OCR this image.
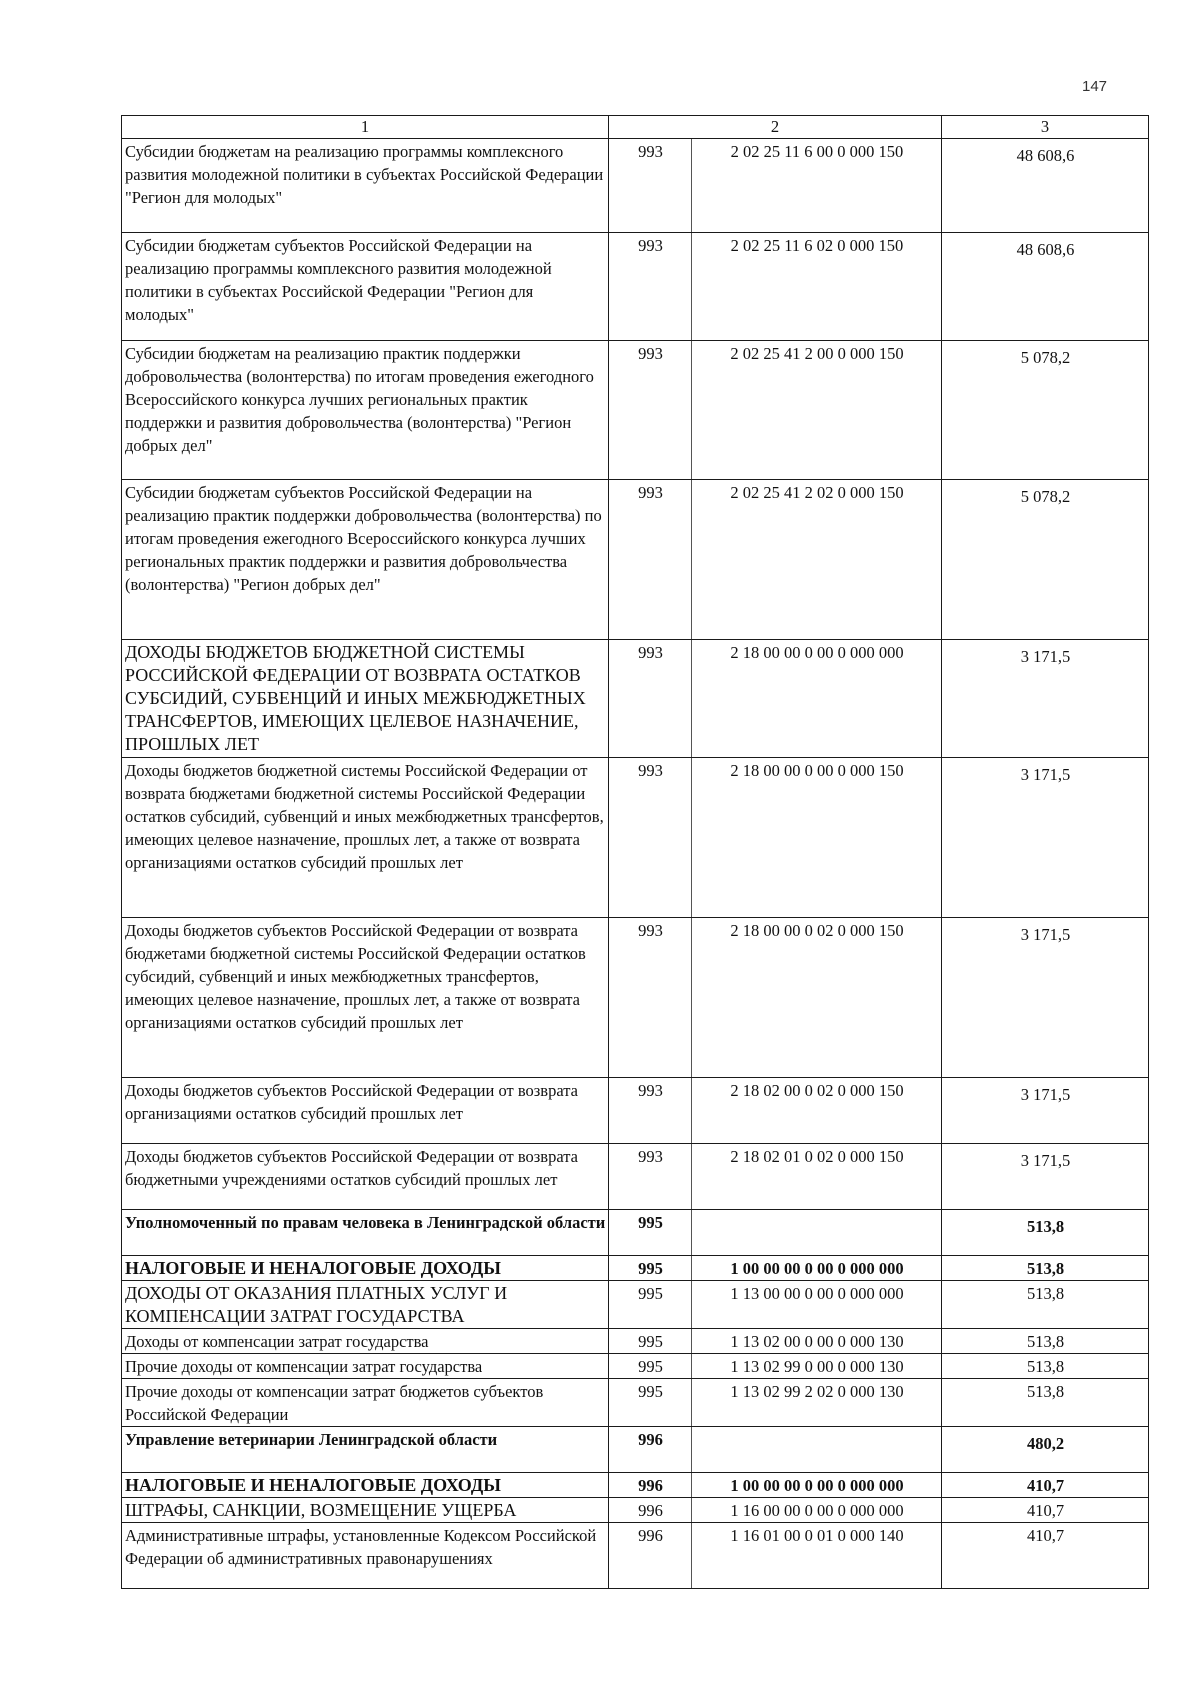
147
1	2		3
Субсидии бюджетам на реализацию программы комплексного развития молодежной политики в субъектах Российской Федерации "Регион для молодых"	993	2 02 25 11 6 00 0 000 150	48 608,6
Субсидии бюджетам субъектов Российской Федерации на реализацию программы комплексного развития молодежной политики в субъектах Российской Федерации "Регион для молодых"	993	2 02 25 11 6 02 0 000 150	48 608,6
Субсидии бюджетам на реализацию практик поддержки добровольчества (волонтерства) по итогам проведения ежегодного Всероссийского конкурса лучших региональных практик поддержки и развития добровольчества (волонтерства) "Регион добрых дел"	993	2 02 25 41 2 00 0 000 150	5 078,2
Субсидии бюджетам субъектов Российской Федерации на реализацию практик поддержки добровольчества (волонтерства) по итогам проведения ежегодного Всероссийского конкурса лучших региональных практик поддержки и развития добровольчества (волонтерства) "Регион добрых дел"	993	2 02 25 41 2 02 0 000 150	5 078,2
ДОХОДЫ БЮДЖЕТОВ БЮДЖЕТНОЙ СИСТЕМЫ РОССИЙСКОЙ ФЕДЕРАЦИИ ОТ ВОЗВРАТА ОСТАТКОВ СУБСИДИЙ, СУБВЕНЦИЙ И ИНЫХ МЕЖБЮДЖЕТНЫХ ТРАНСФЕРТОВ, ИМЕЮЩИХ ЦЕЛЕВОЕ НАЗНАЧЕНИЕ, ПРОШЛЫХ ЛЕТ	993	2 18 00 00 0 00 0 000 000	3 171,5
Доходы бюджетов бюджетной системы Российской Федерации от возврата бюджетами бюджетной системы Российской Федерации остатков субсидий, субвенций и иных межбюджетных трансфертов, имеющих целевое назначение, прошлых лет, а также от возврата организациями остатков субсидий прошлых лет	993	2 18 00 00 0 00 0 000 150	3 171,5
Доходы бюджетов субъектов Российской Федерации от возврата бюджетами бюджетной системы Российской Федерации остатков субсидий, субвенций и иных межбюджетных трансфертов, имеющих целевое назначение, прошлых лет, а также от возврата организациями остатков субсидий прошлых лет	993	2 18 00 00 0 02 0 000 150	3 171,5
Доходы бюджетов субъектов Российской Федерации от возврата организациями остатков субсидий прошлых лет	993	2 18 02 00 0 02 0 000 150	3 171,5
Доходы бюджетов субъектов Российской Федерации от возврата бюджетными учреждениями остатков субсидий прошлых лет	993	2 18 02 01 0 02 0 000 150	3 171,5
Уполномоченный по правам человека в Ленинградской области	995		513,8
НАЛОГОВЫЕ И НЕНАЛОГОВЫЕ ДОХОДЫ	995	1 00 00 00 0 00 0 000 000	513,8
ДОХОДЫ ОТ ОКАЗАНИЯ ПЛАТНЫХ УСЛУГ И КОМПЕНСАЦИИ ЗАТРАТ ГОСУДАРСТВА	995	1 13 00 00 0 00 0 000 000	513,8
Доходы от компенсации затрат государства	995	1 13 02 00 0 00 0 000 130	513,8
Прочие доходы от компенсации затрат государства	995	1 13 02 99 0 00 0 000 130	513,8
Прочие доходы от компенсации затрат бюджетов субъектов Российской Федерации	995	1 13 02 99 2 02 0 000 130	513,8
Управление ветеринарии Ленинградской области	996		480,2
НАЛОГОВЫЕ И НЕНАЛОГОВЫЕ ДОХОДЫ	996	1 00 00 00 0 00 0 000 000	410,7
ШТРАФЫ, САНКЦИИ, ВОЗМЕЩЕНИЕ УЩЕРБА	996	1 16 00 00 0 00 0 000 000	410,7
Административные штрафы, установленные Кодексом Российской Федерации об административных правонарушениях	996	1 16 01 00 0 01 0 000 140	410,7
